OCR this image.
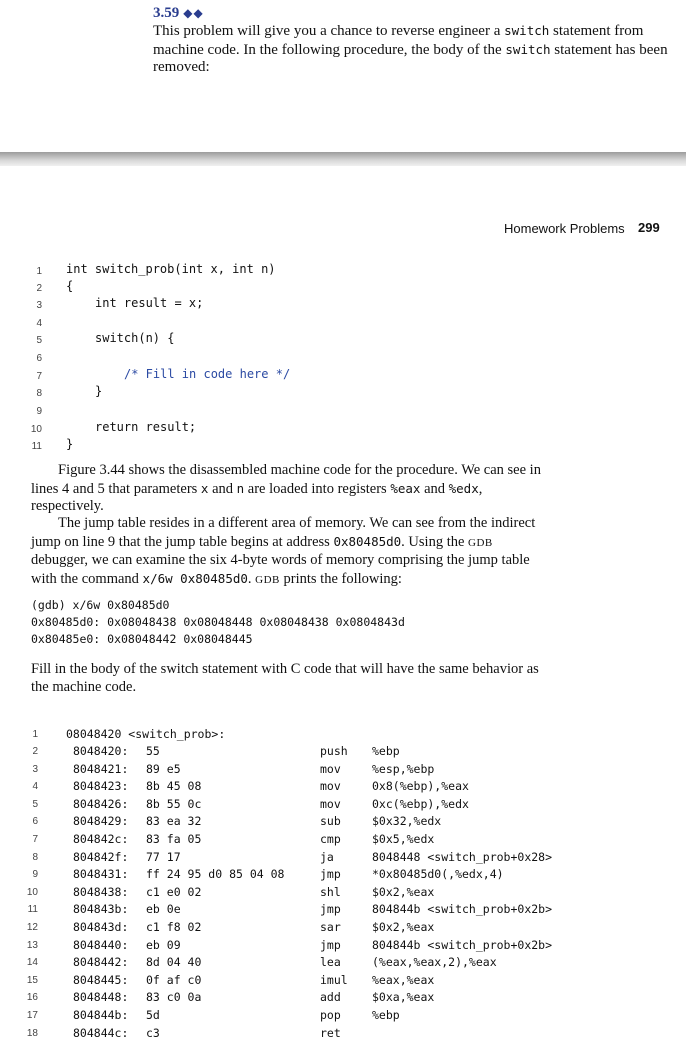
3.59 ◆◆
This problem will give you a chance to reverse engineer a switch statement from machine code. In the following procedure, the body of the switch statement has been removed:
Homework Problems 299
1 int switch_prob(int x, int n)
2 {
3	int result = x;
4
5	switch(n) {
6
7	/* Fill in code here */
8	}
9
10	return result;
11 }
Figure 3.44 shows the disassembled machine code for the procedure. We can see in lines 4 and 5 that parameters x and n are loaded into registers %eax and %edx, respectively.
The jump table resides in a different area of memory. We can see from the indirect jump on line 9 that the jump table begins at address 0x80485d0. Using the GDB debugger, we can examine the six 4-byte words of memory comprising the jump table with the command x/6w 0x80485d0. GDB prints the following:
(gdb) x/6w 0x80485d0
0x80485d0: 0x08048438 0x08048448 0x08048438 0x0804843d
0x80485e0: 0x08048442 0x08048445
Fill in the body of the switch statement with C code that will have the same behavior as the machine code.
1 08048420 <switch_prob>:
2	8048420: 55	push %ebp
3	8048421: 89 e5	mov	%esp,%ebp
4	8048423: 8b 45 08	mov	0x8(%ebp),%eax
5	8048426: 8b 55 0c	mov	0xc(%ebp),%edx
6	8048429: 83 ea 32	sub	$0x32,%edx
7	804842c: 83 fa 05	cmp	$0x5,%edx
8	804842f: 77 17	ja	8048448 <switch_prob+0x28>
9	8048431: ff 24 95 d0 85 04 08	jmp	*0x80485d0(,%edx,4)
10	8048438: c1 e0 02	shl	$0x2,%eax
11	804843b: eb 0e	jmp	804844b <switch_prob+0x2b>
12	804843d: c1 f8 02	sar	$0x2,%eax
13	8048440: eb 09	jmp	804844b <switch_prob+0x2b>
14	8048442: 8d 04 40	lea	(%eax,%eax,2),%eax
15	8048445: 0f af c0	imul %eax,%eax
16	8048448: 83 c0 0a	add	$0xa,%eax
17	804844b: 5d	pop	%ebp
18	804844c: c3	ret
